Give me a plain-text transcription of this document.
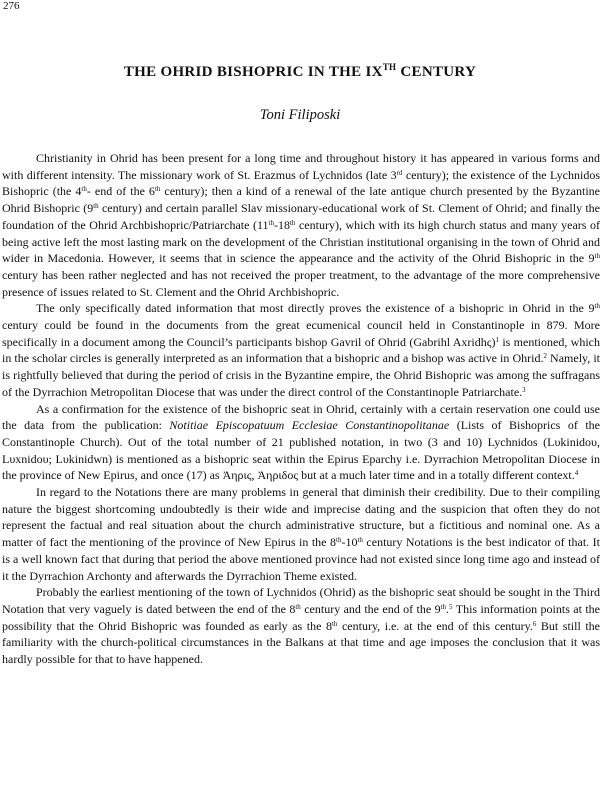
276
THE OHRID BISHOPRIC IN THE IXTH CENTURY
Toni Filiposki

Christianity in Ohrid has been present for a long time and throughout history it has appeared in various forms and with different intensity. The missionary work of St. Erazmus of Lychnidos (late 3rd century); the existence of the Lychnidos Bishopric (the 4th- end of the 6th century); then a kind of a renewal of the late antique church presented by the Byzantine Ohrid Bishopric (9th century) and certain parallel Slav missionary-educational work of St. Clement of Ohrid; and finally the foundation of the Ohrid Archbishopric/Patriarchate (11th-18th century), which with its high church status and many years of being active left the most lasting mark on the development of the Christian institutional organising in the town of Ohrid and wider in Macedonia. However, it seems that in science the appearance and the activity of the Ohrid Bishopric in the 9th century has been rather neglected and has not received the proper treatment, to the advantage of the more comprehensive presence of issues related to St. Clement and the Ohrid Archbishopric.

The only specifically dated information that most directly proves the existence of a bishopric in Ohrid in the 9th century could be found in the documents from the great ecumenical council held in Constantinople in 879. More specifically in a document among the Council’s participants bishop Gavril of Ohrid (Gabrihl Axridhς)$^1$ is mentioned, which in the scholar circles is generally interpreted as an information that a bishopric and a bishop was active in Ohrid.$^2$ Namely, it is rightfully believed that during the period of crisis in the Byzantine empire, the Ohrid Bishopric was among the suffragans of the Dyrrachion Metropolitan Diocese that was under the direct control of the Constantinople Patriarchate.$^3$

As a confirmation for the existence of the bishopric seat in Ohrid, certainly with a certain reservation one could use the data from the publication: Notitiae Episcopatuum Ecclesiae Constantinopolitanae (Lists of Bishoprics of the Constantinople Church). Out of the total number of 21 published notation, in two (3 and 10) Lychnidos (Lυkinidoυ, Lυxnidoυ; Lυkinidwn) is mentioned as a bishopric seat within the Epirus Eparchy i.e. Dyrrachion Metropolitan Diocese in the province of New Epirus, and once (17) as Ἀηρις, Ἀηριδος but at a much later time and in a totally different context.$^4$

In regard to the Notations there are many problems in general that diminish their credibility. Due to their compiling nature the biggest shortcoming undoubtedly is their wide and imprecise dating and the suspicion that often they do not represent the factual and real situation about the church administrative structure, but a fictitious and nominal one. As a matter of fact the mentioning of the province of New Epirus in the 8th-10th century Notations is the best indicator of that. It is a well known fact that during that period the above mentioned province had not existed since long time ago and instead of it the Dyrrachion Archonty and afterwards the Dyrrachion Theme existed.

Probably the earliest mentioning of the town of Lychnidos (Ohrid) as the bishopric seat should be sought in the Third Notation that very vaguely is dated between the end of the 8th century and the end of the 9th.$^5$ This information points at the possibility that the Ohrid Bishopric was founded as early as the 8th century, i.e. at the end of this century.$^6$ But still the familiarity with the church-political circumstances in the Balkans at that time and age imposes the conclusion that it was hardly possible for that to have happened.
